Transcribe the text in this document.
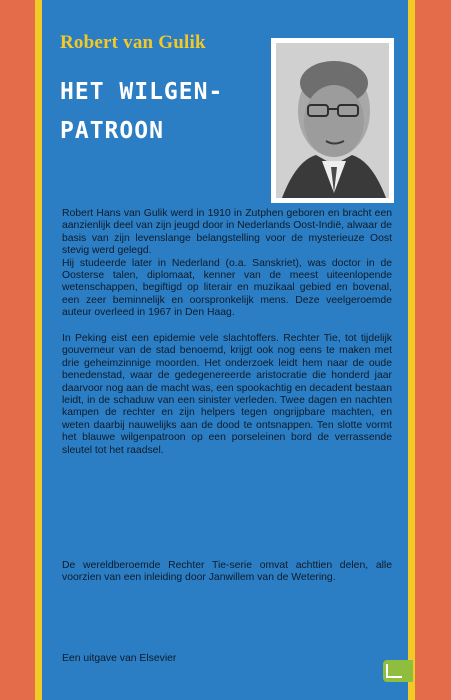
Robert van Gulik
HET WILGEN-
PATROON

Robert Hans van Gulik werd in 1910 in Zutphen geboren en bracht een aanzienlijk deel van zijn jeugd door in Nederlands Oost-Indië, alwaar de basis van zijn levenslange belangstelling voor de mysterieuze Oost stevig werd gelegd.

Hij studeerde later in Nederland (o.a. Sanskriet), was doctor in de Oosterse talen, diplomaat, kenner van de meest uiteenlopende wetenschappen, begiftigd op literair en muzikaal gebied en bovenal, een zeer beminnelijk en oorspronkelijk mens. Deze veelgeroemde auteur overleed in 1967 in Den Haag.

In Peking eist een epidemie vele slachtoffers. Rechter Tie, tot tijdelijk gouverneur van de stad benoemd, krijgt ook nog eens te maken met drie geheimzinnige moorden. Het onderzoek leidt hem naar de oude benedenstad, waar de gedegenereerde aristocratie die honderd jaar daarvoor nog aan de macht was, een spookachtig en decadent bestaan leidt, in de schaduw van een sinister verleden. Twee dagen en nachten kampen de rechter en zijn helpers tegen ongrijpbare machten, en weten daarbij nauwelijks aan de dood te ontsnappen. Ten slotte vormt het blauwe wilgenpatroon op een porseleinen bord de verrassende sleutel tot het raadsel.

De wereldberoemde Rechter Tie-serie omvat achttien delen, alle voorzien van een inleiding door Janwillem van de Wetering.

Een uitgave van Elsevier
